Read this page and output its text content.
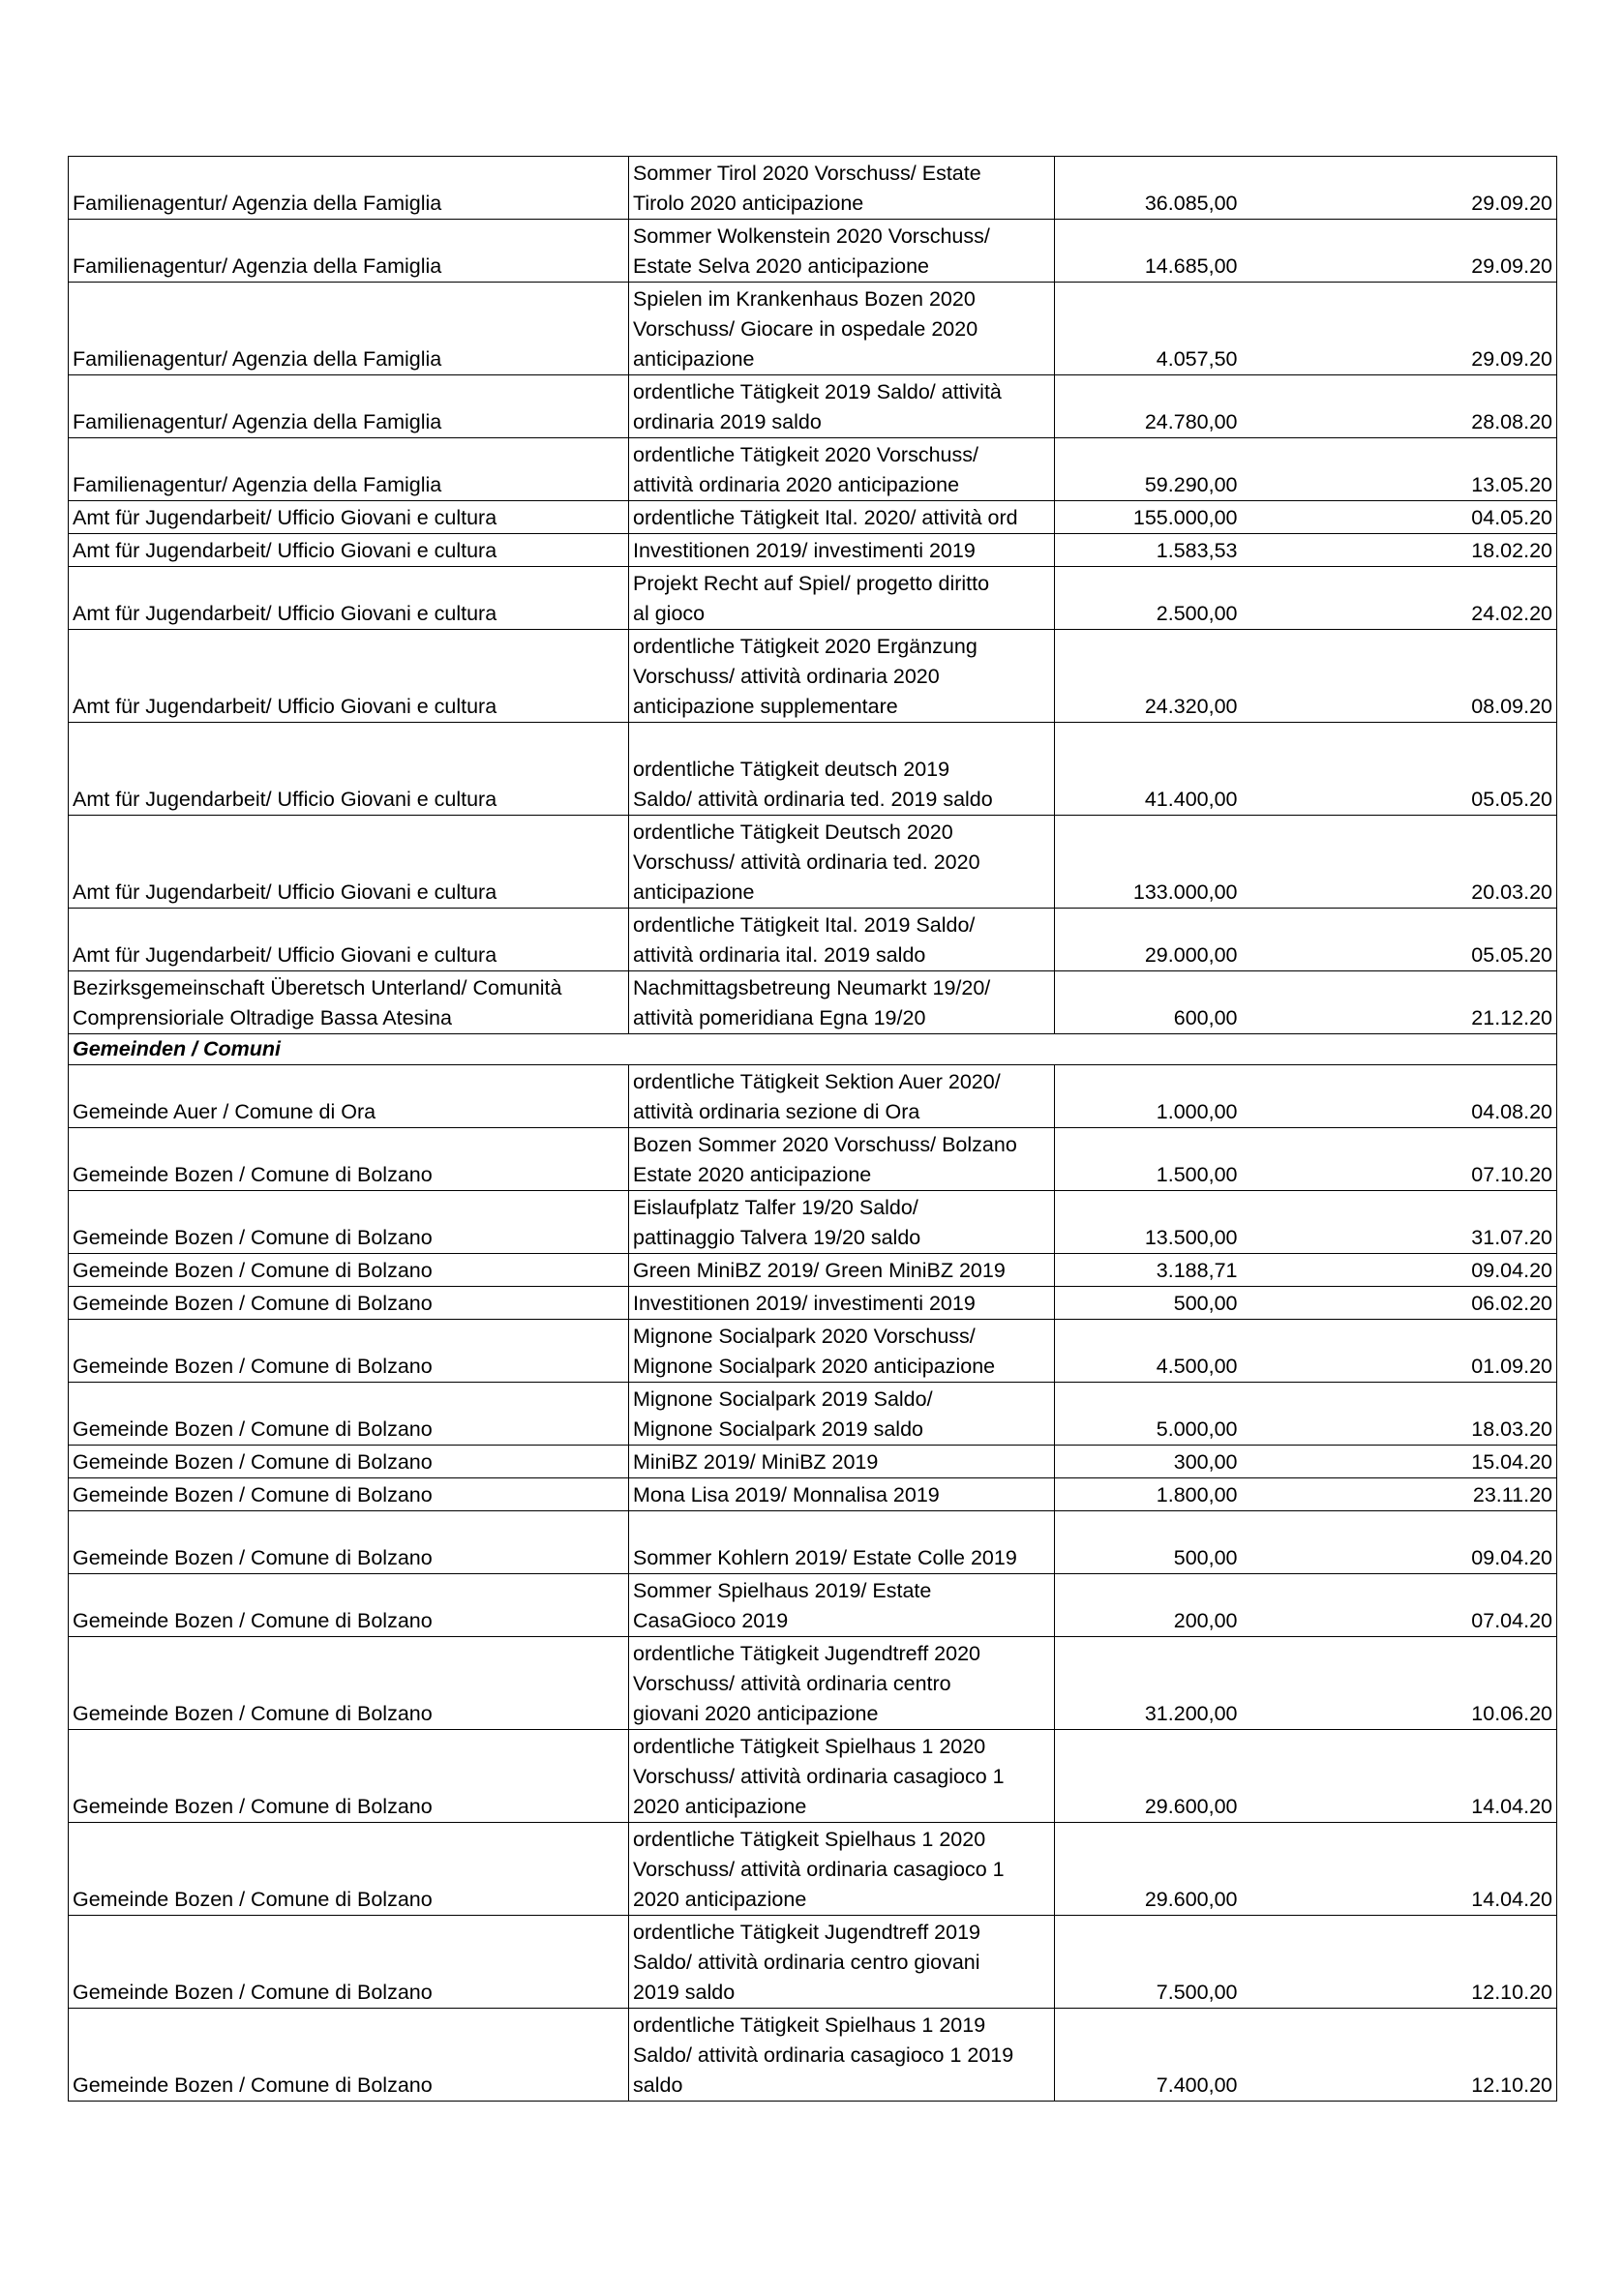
Familienagentur/ Agenzia della Famiglia	Sommer Tirol 2020 Vorschuss/ Estate
Tirolo 2020 anticipazione	36.085,00	29.09.20
Familienagentur/ Agenzia della Famiglia	Sommer Wolkenstein 2020 Vorschuss/
Estate Selva 2020 anticipazione	14.685,00	29.09.20
Familienagentur/ Agenzia della Famiglia	Spielen im Krankenhaus Bozen 2020
Vorschuss/ Giocare in ospedale 2020
anticipazione	4.057,50	29.09.20
Familienagentur/ Agenzia della Famiglia	ordentliche Tätigkeit 2019 Saldo/ attività
ordinaria 2019 saldo	24.780,00	28.08.20
Familienagentur/ Agenzia della Famiglia	ordentliche Tätigkeit 2020 Vorschuss/
attività ordinaria 2020 anticipazione	59.290,00	13.05.20
Amt für Jugendarbeit/ Ufficio Giovani e cultura	ordentliche Tätigkeit Ital. 2020/ attività ord	155.000,00	04.05.20
Amt für Jugendarbeit/ Ufficio Giovani e cultura	Investitionen 2019/ investimenti 2019	1.583,53	18.02.20
Amt für Jugendarbeit/ Ufficio Giovani e cultura	Projekt Recht auf Spiel/ progetto diritto
al gioco	2.500,00	24.02.20
Amt für Jugendarbeit/ Ufficio Giovani e cultura	ordentliche Tätigkeit 2020 Ergänzung
Vorschuss/ attività ordinaria 2020
anticipazione supplementare	24.320,00	08.09.20
Amt für Jugendarbeit/ Ufficio Giovani e cultura	ordentliche Tätigkeit deutsch 2019
Saldo/ attività ordinaria ted. 2019 saldo	41.400,00	05.05.20
Amt für Jugendarbeit/ Ufficio Giovani e cultura	ordentliche Tätigkeit Deutsch 2020
Vorschuss/ attività ordinaria ted. 2020
anticipazione	133.000,00	20.03.20
Amt für Jugendarbeit/ Ufficio Giovani e cultura	ordentliche Tätigkeit Ital. 2019 Saldo/
attività ordinaria ital. 2019 saldo	29.000,00	05.05.20
Bezirksgemeinschaft Überetsch Unterland/ Comunità
Comprensioriale Oltradige Bassa Atesina	Nachmittagsbetreung Neumarkt 19/20/
attività pomeridiana Egna 19/20	600,00	21.12.20
Gemeinden / Comuni			
Gemeinde Auer / Comune di Ora	ordentliche Tätigkeit Sektion Auer 2020/
attività ordinaria sezione di Ora	1.000,00	04.08.20
Gemeinde Bozen / Comune di Bolzano	Bozen Sommer 2020 Vorschuss/ Bolzano
Estate 2020 anticipazione	1.500,00	07.10.20
Gemeinde Bozen / Comune di Bolzano	Eislaufplatz Talfer 19/20 Saldo/
pattinaggio Talvera 19/20 saldo	13.500,00	31.07.20
Gemeinde Bozen / Comune di Bolzano	Green MiniBZ 2019/ Green MiniBZ 2019	3.188,71	09.04.20
Gemeinde Bozen / Comune di Bolzano	Investitionen 2019/ investimenti 2019	500,00	06.02.20
Gemeinde Bozen / Comune di Bolzano	Mignone Socialpark 2020 Vorschuss/
Mignone Socialpark 2020 anticipazione	4.500,00	01.09.20
Gemeinde Bozen / Comune di Bolzano	Mignone Socialpark 2019 Saldo/
Mignone Socialpark 2019 saldo	5.000,00	18.03.20
Gemeinde Bozen / Comune di Bolzano	MiniBZ 2019/ MiniBZ 2019	300,00	15.04.20
Gemeinde Bozen / Comune di Bolzano	Mona Lisa 2019/ Monnalisa 2019	1.800,00	23.11.20
Gemeinde Bozen / Comune di Bolzano	Sommer Kohlern 2019/ Estate Colle 2019	500,00	09.04.20
Gemeinde Bozen / Comune di Bolzano	Sommer Spielhaus 2019/ Estate
CasaGioco 2019	200,00	07.04.20
Gemeinde Bozen / Comune di Bolzano	ordentliche Tätigkeit Jugendtreff 2020
Vorschuss/ attività ordinaria centro
giovani 2020 anticipazione	31.200,00	10.06.20
Gemeinde Bozen / Comune di Bolzano	ordentliche Tätigkeit Spielhaus 1 2020
Vorschuss/ attività ordinaria casagioco 1
2020 anticipazione	29.600,00	14.04.20
Gemeinde Bozen / Comune di Bolzano	ordentliche Tätigkeit Spielhaus 1 2020
Vorschuss/ attività ordinaria casagioco 1
2020 anticipazione	29.600,00	14.04.20
Gemeinde Bozen / Comune di Bolzano	ordentliche Tätigkeit Jugendtreff 2019
Saldo/ attività ordinaria centro giovani
2019 saldo	7.500,00	12.10.20
Gemeinde Bozen / Comune di Bolzano	ordentliche Tätigkeit Spielhaus 1 2019
Saldo/ attività ordinaria casagioco 1 2019
saldo	7.400,00	12.10.20
